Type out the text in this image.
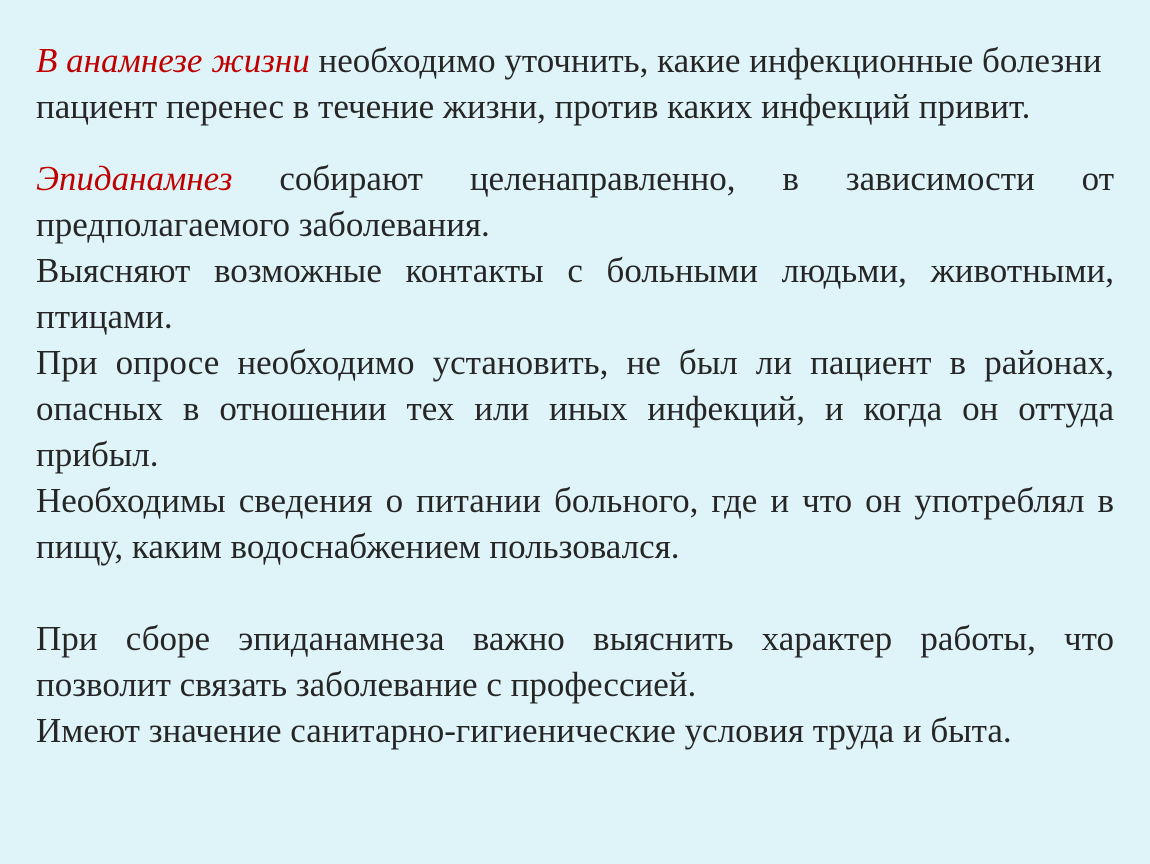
В анамнезе жизни необходимо уточнить, какие инфекционные болезни пациент перенес в течение жизни, против каких инфекций привит.

Эпиданамнез собирают целенаправленно, в зависимости от предполагаемого заболевания.

Выясняют возможные контакты с больными людьми, животными, птицами.

При опросе необходимо установить, не был ли пациент в районах, опасных в отношении тех или иных инфекций, и когда он оттуда прибыл.

Необходимы сведения о питании больного, где и что он употреблял в пищу, каким водоснабжением пользовался.

При сборе эпиданамнеза важно выяснить характер работы, что позволит связать заболевание с профессией.

Имеют значение санитарно-гигиенические условия труда и быта.
